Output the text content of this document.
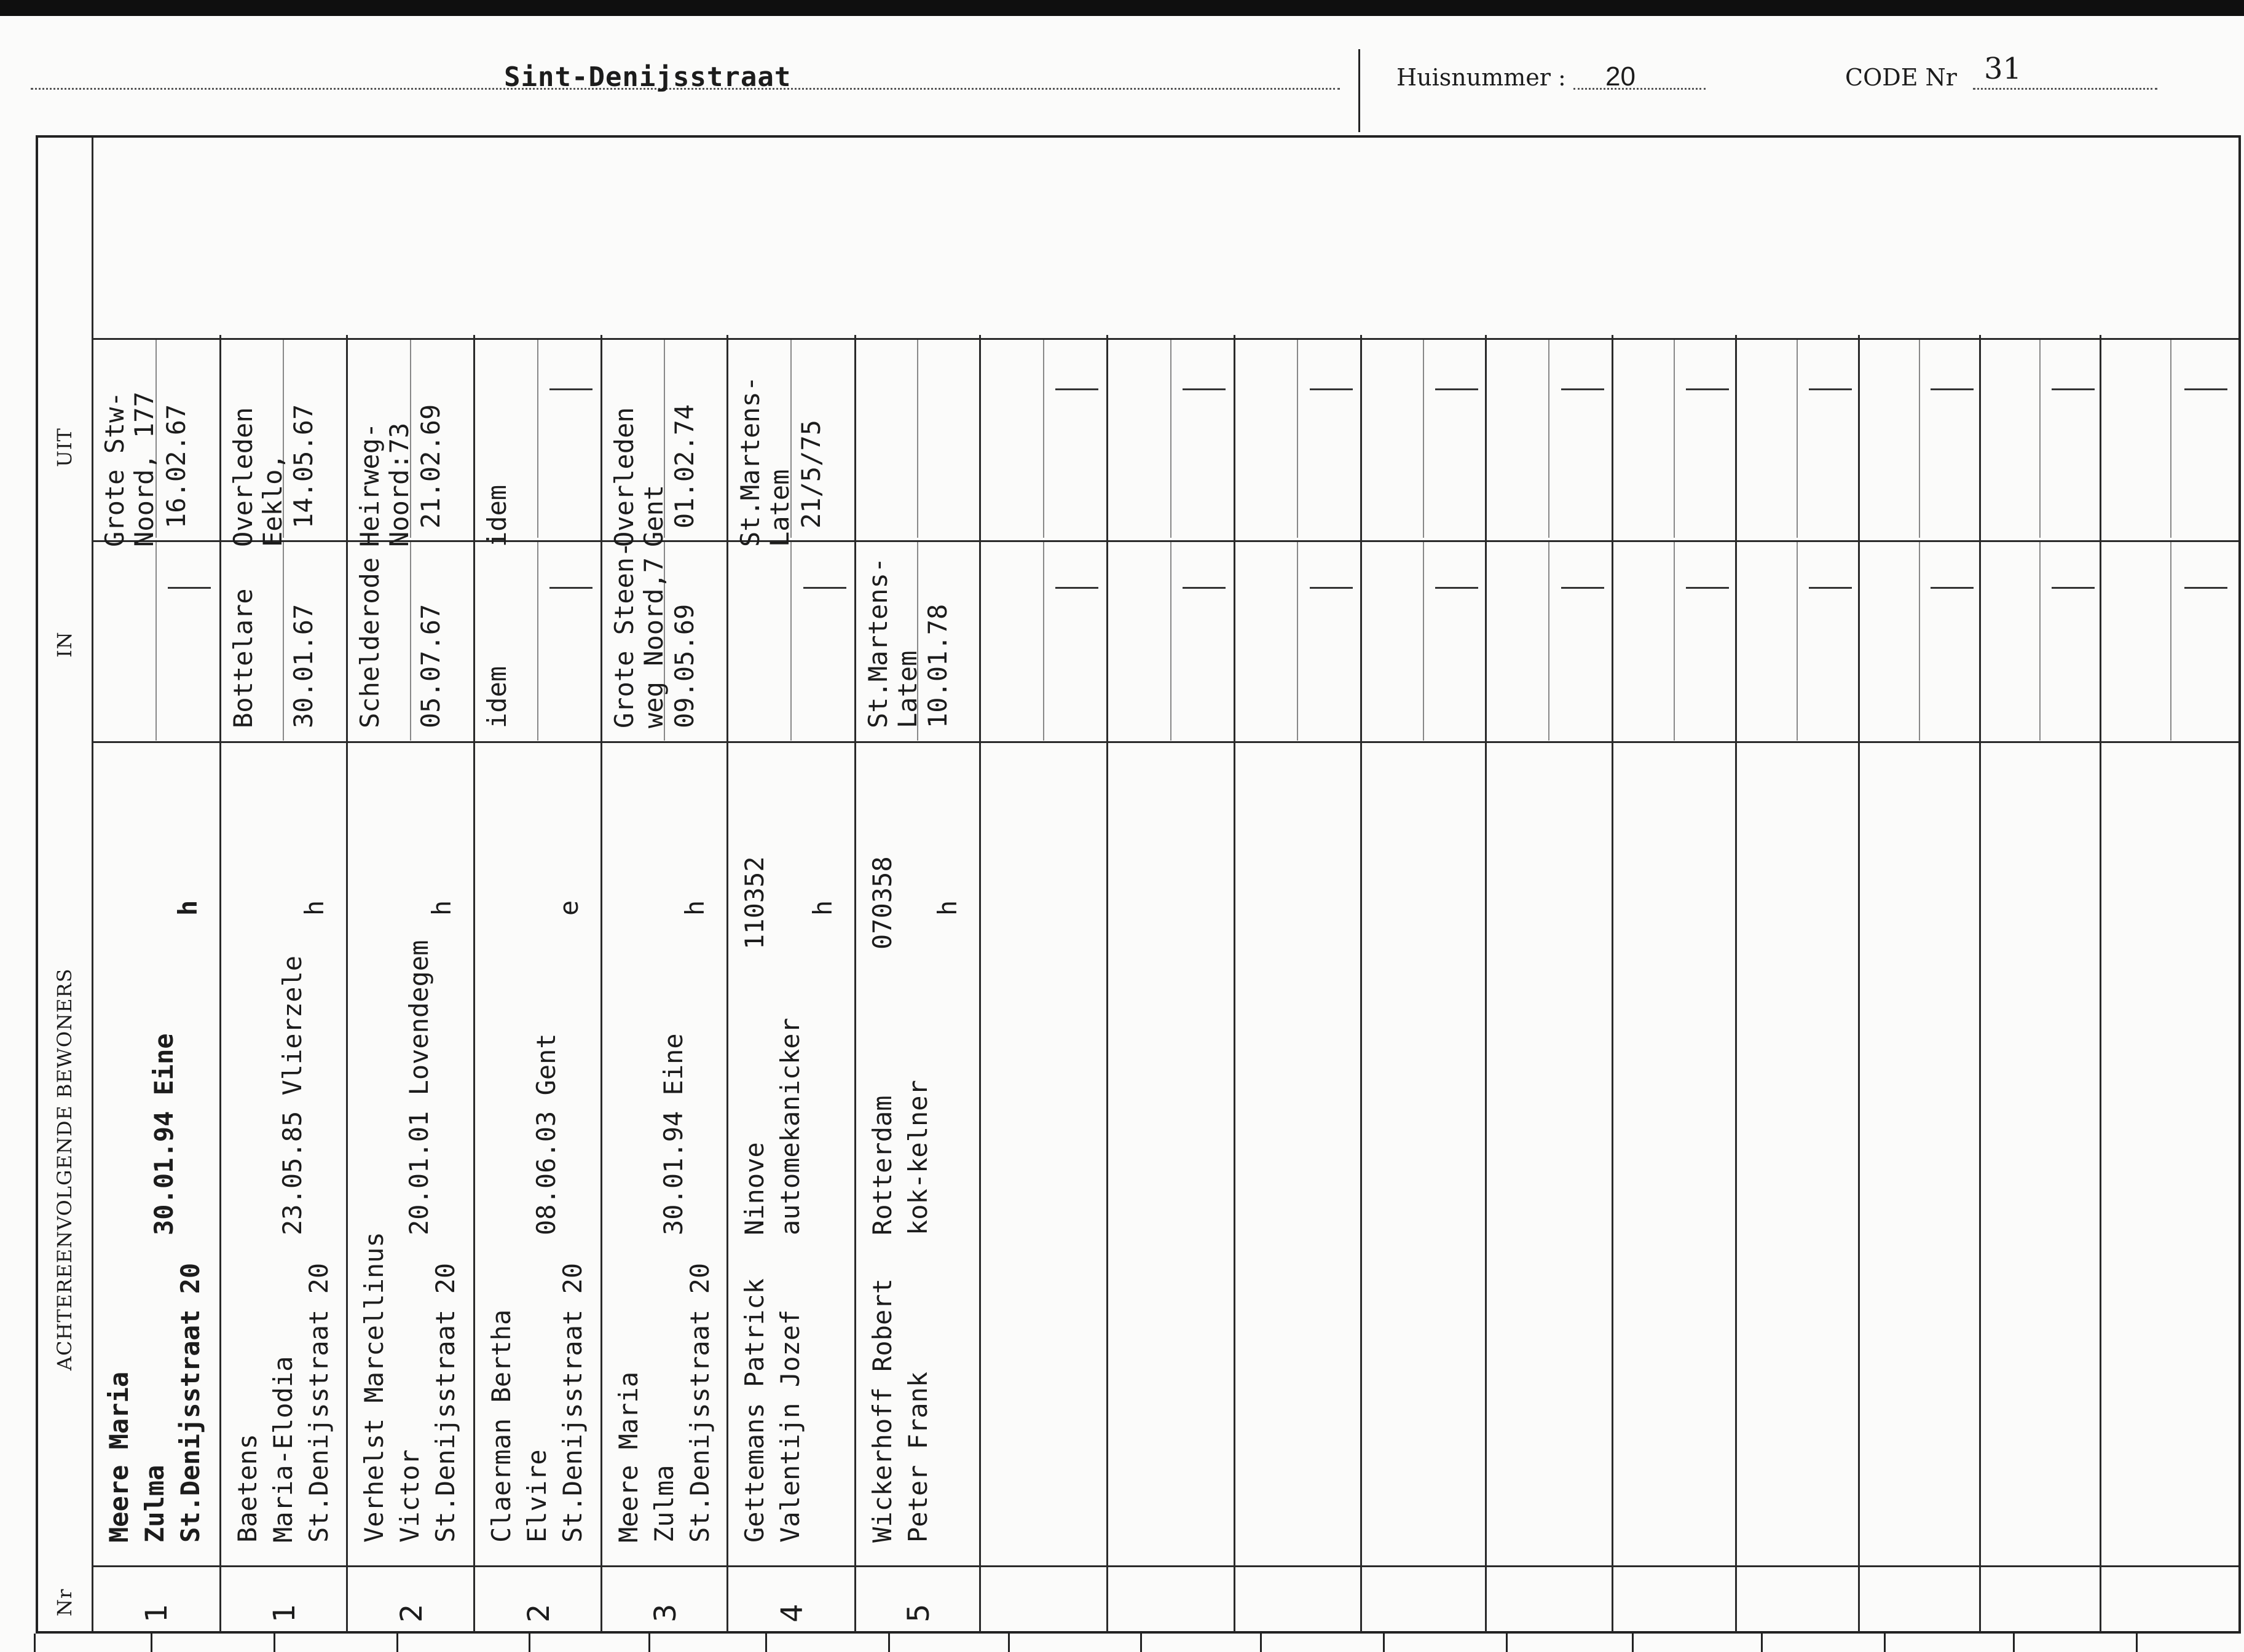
Sint-Denijsstraat	Huisnummer : 20	CODE Nr 31
UIT
IN
ACHTEREENVOLGENDE BEWONERS
Nr 1
Meere Maria Zulma St.Denijsstraat 20
30.01.94 Eine
h
Grote Stw-
Noord, 177 16.02.67
1
Baetens Maria-Elodia St.Denijsstraat 20
23.05.85 Vlierzele
h
Bottelare 30.01.67
Overleden
Eeklo, 14.05.67
2
Verhelst Marcellinus Victor St.Denijsstraat 20
20.01.01 Lovendegem
h
Schelderode 05.07.67
Heirweg-
Noord:73 21.02.69
2
Claerman Bertha Elvire St.Denijsstraat 20
08.06.03 Gent
e
idem
idem
3
Meere Maria Zulma St.Denijsstraat 20
30.01.94 Eine
h
Grote Steen-
weg Noord,7 09.05.69
Overleden
Gent 01.02.74
4
Gettemans Patrick Valentijn Jozef
Ninove automekanicker
110352 h
St.Martens-
Latem 21/5/75
5
Wickerhoff Robert Peter Frank
Rotterdam kok-kelner
070358 h
St.Martens-
Latem 10.01.78
